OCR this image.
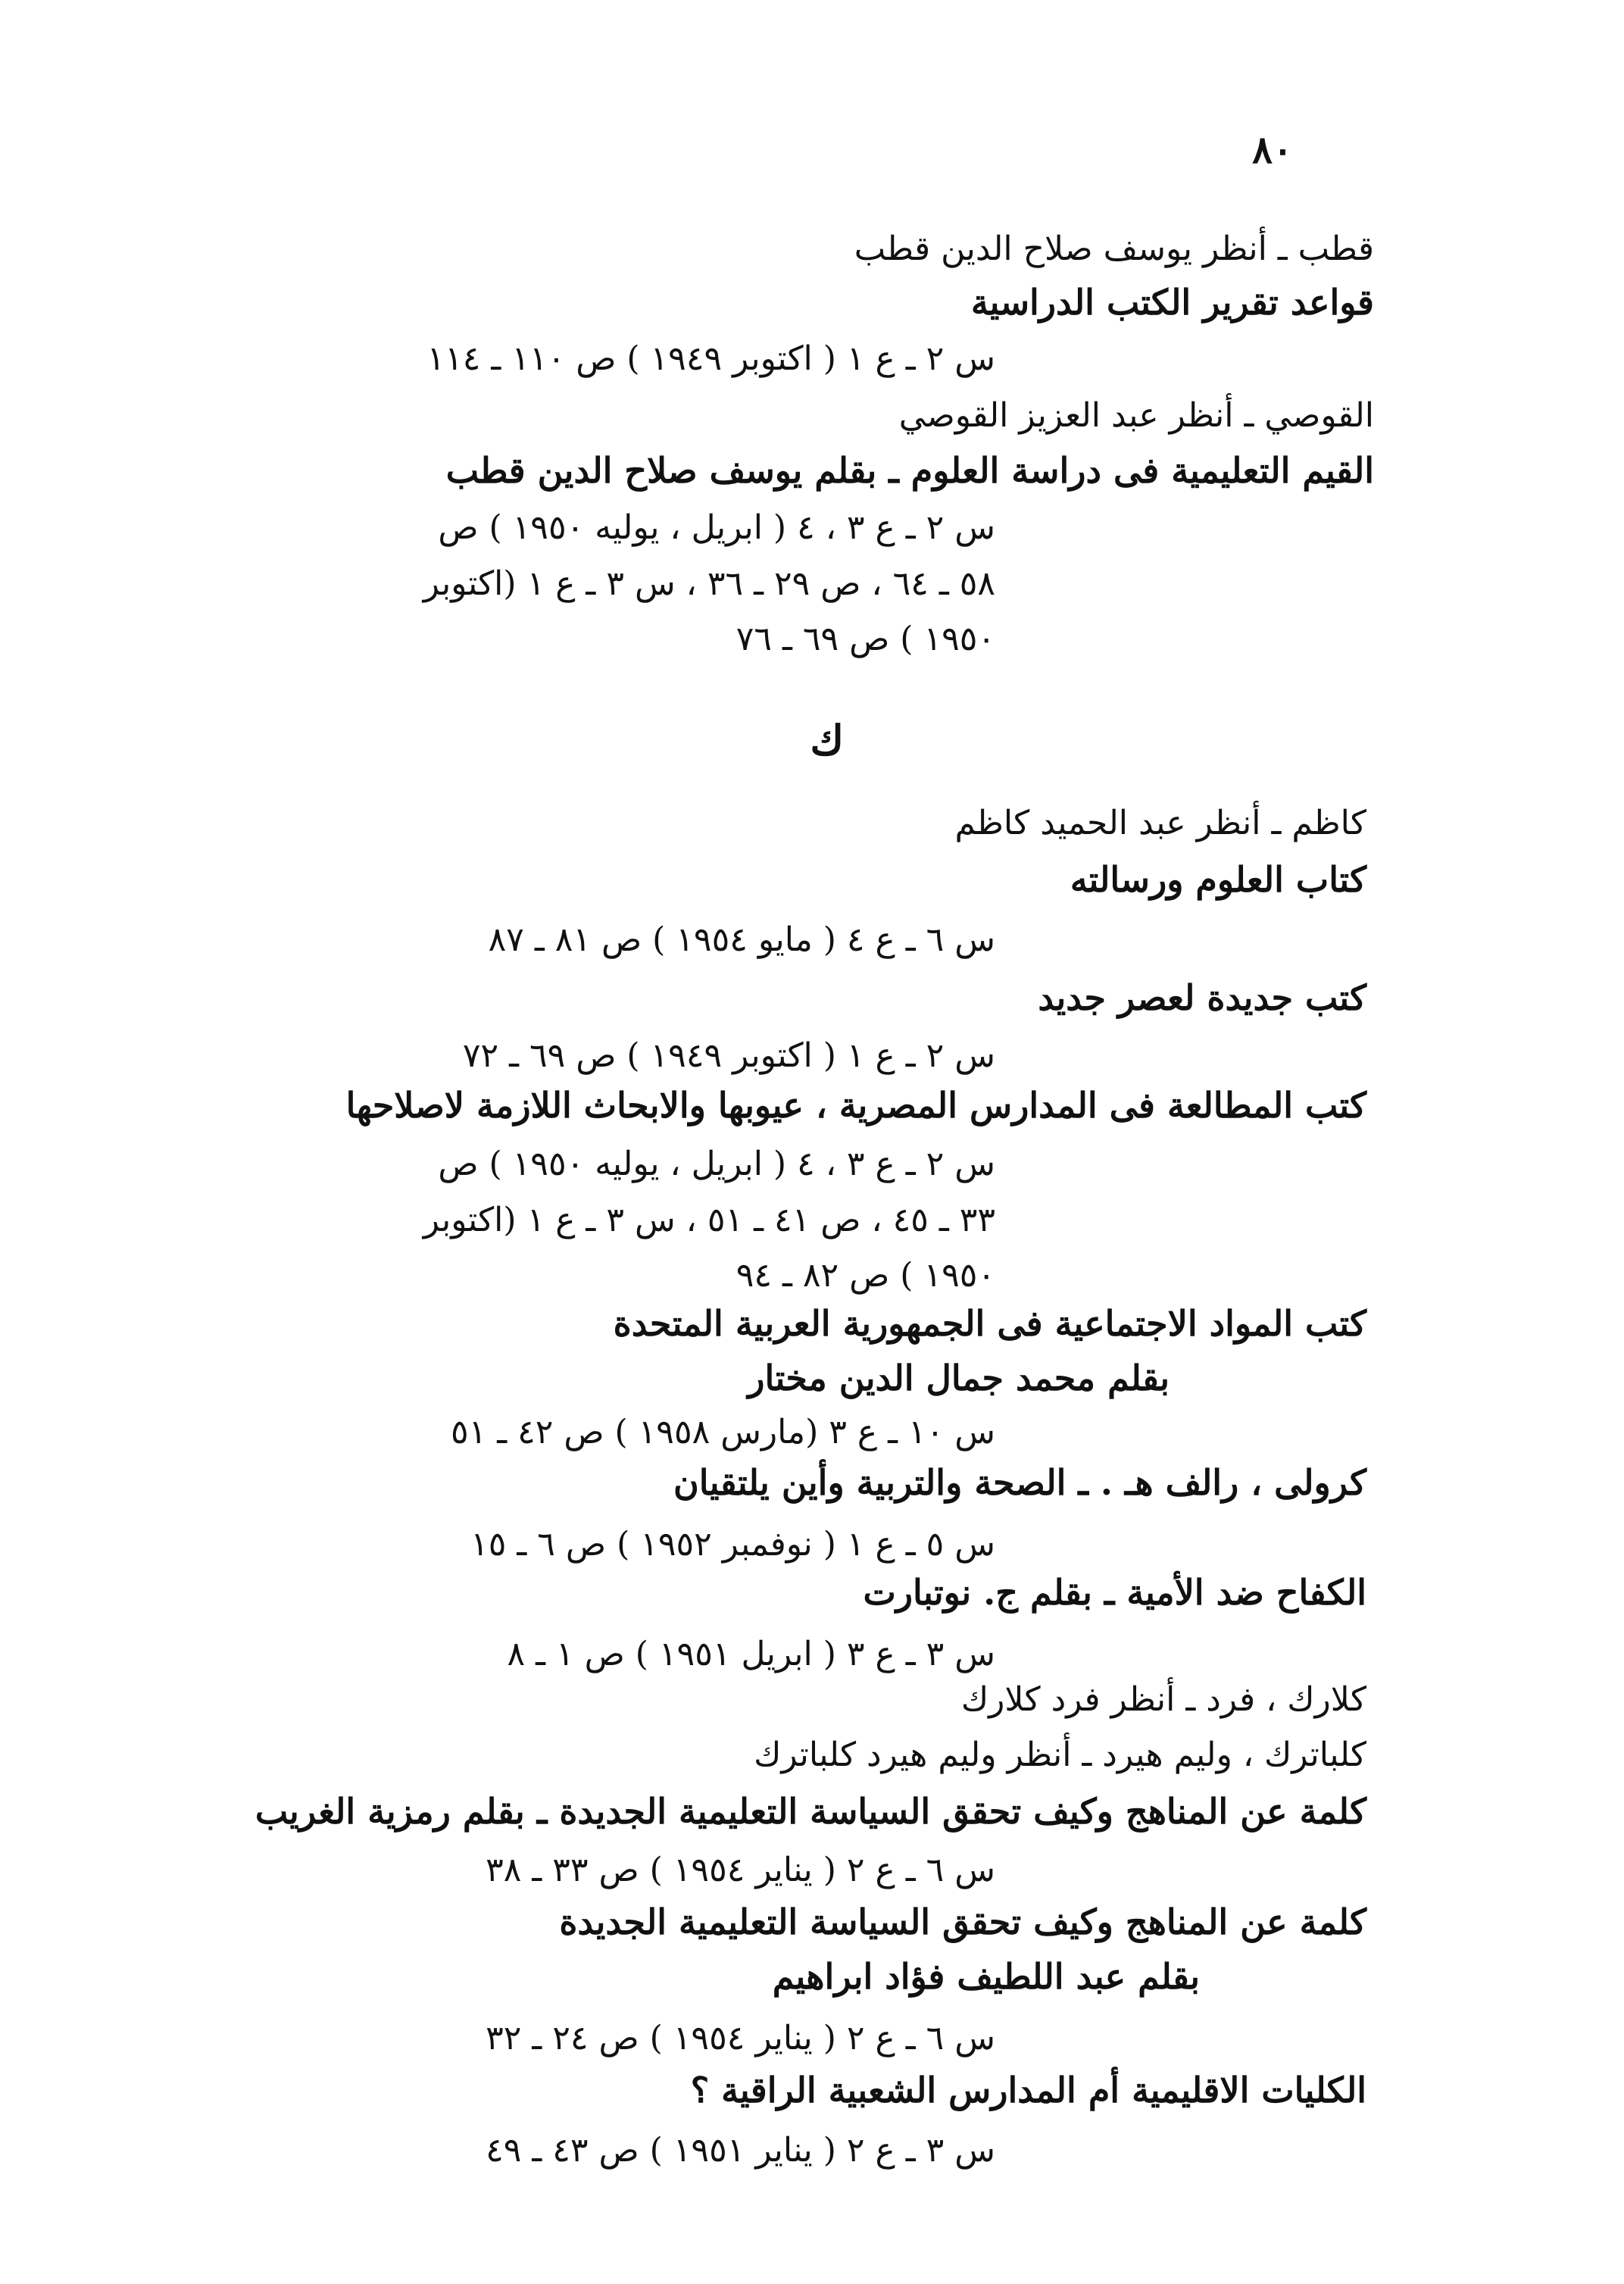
٨٠
قطب ـ أنظر يوسف صلاح الدين قطب
قواعد تقرير الكتب الدراسية
س ٢ ـ ع ١ ( اكتوبر ١٩٤٩ ) ص ١١٠ ـ ١١٤
القوصي ـ أنظر عبد العزيز القوصي
القيم التعليمية فى دراسة العلوم ـ بقلم يوسف صلاح الدين قطب
س ٢ ـ ع ٣ ، ٤ ( ابريل ، يوليه ١٩٥٠ ) ص
٥٨ ـ ٦٤ ، ص ٢٩ ـ ٣٦ ، س ٣ ـ ع ١ (اكتوبر
١٩٥٠ ) ص ٦٩ ـ ٧٦
ك
كاظم ـ أنظر عبد الحميد كاظم
كتاب العلوم ورسالته
س ٦ ـ ع ٤ ( مايو ١٩٥٤ ) ص ٨١ ـ ٨٧
كتب جديدة لعصر جديد
س ٢ ـ ع ١ ( اكتوبر ١٩٤٩ ) ص ٦٩ ـ ٧٢
كتب المطالعة فى المدارس المصرية ، عيوبها والابحاث اللازمة لاصلاحها
س ٢ ـ ع ٣ ، ٤ ( ابريل ، يوليه ١٩٥٠ ) ص
٣٣ ـ ٤٥ ، ص ٤١ ـ ٥١ ، س ٣ ـ ع ١ (اكتوبر
١٩٥٠ ) ص ٨٢ ـ ٩٤
كتب المواد الاجتماعية فى الجمهورية العربية المتحدة
بقلم محمد جمال الدين مختار
س ١٠ ـ ع ٣ (مارس ١٩٥٨ ) ص ٤٢ ـ ٥١
كرولى ، رالف هـ . ـ الصحة والتربية وأين يلتقيان
س ٥ ـ ع ١ ( نوفمبر ١٩٥٢ ) ص ٦ ـ ١٥
الكفاح ضد الأمية ـ بقلم ج. نوتبارت
س ٣ ـ ع ٣ ( ابريل ١٩٥١ ) ص ١ ـ ٨
كلارك ، فرد ـ أنظر فرد كلارك
كلباترك ، وليم هيرد ـ أنظر وليم هيرد كلباترك
كلمة عن المناهج وكيف تحقق السياسة التعليمية الجديدة ـ بقلم رمزية الغريب
س ٦ ـ ع ٢ ( يناير ١٩٥٤ ) ص ٣٣ ـ ٣٨
كلمة عن المناهج وكيف تحقق السياسة التعليمية الجديدة
بقلم عبد اللطيف فؤاد ابراهيم
س ٦ ـ ع ٢ ( يناير ١٩٥٤ ) ص ٢٤ ـ ٣٢
الكليات الاقليمية أم المدارس الشعبية الراقية ؟
س ٣ ـ ع ٢ ( يناير ١٩٥١ ) ص ٤٣ ـ ٤٩
